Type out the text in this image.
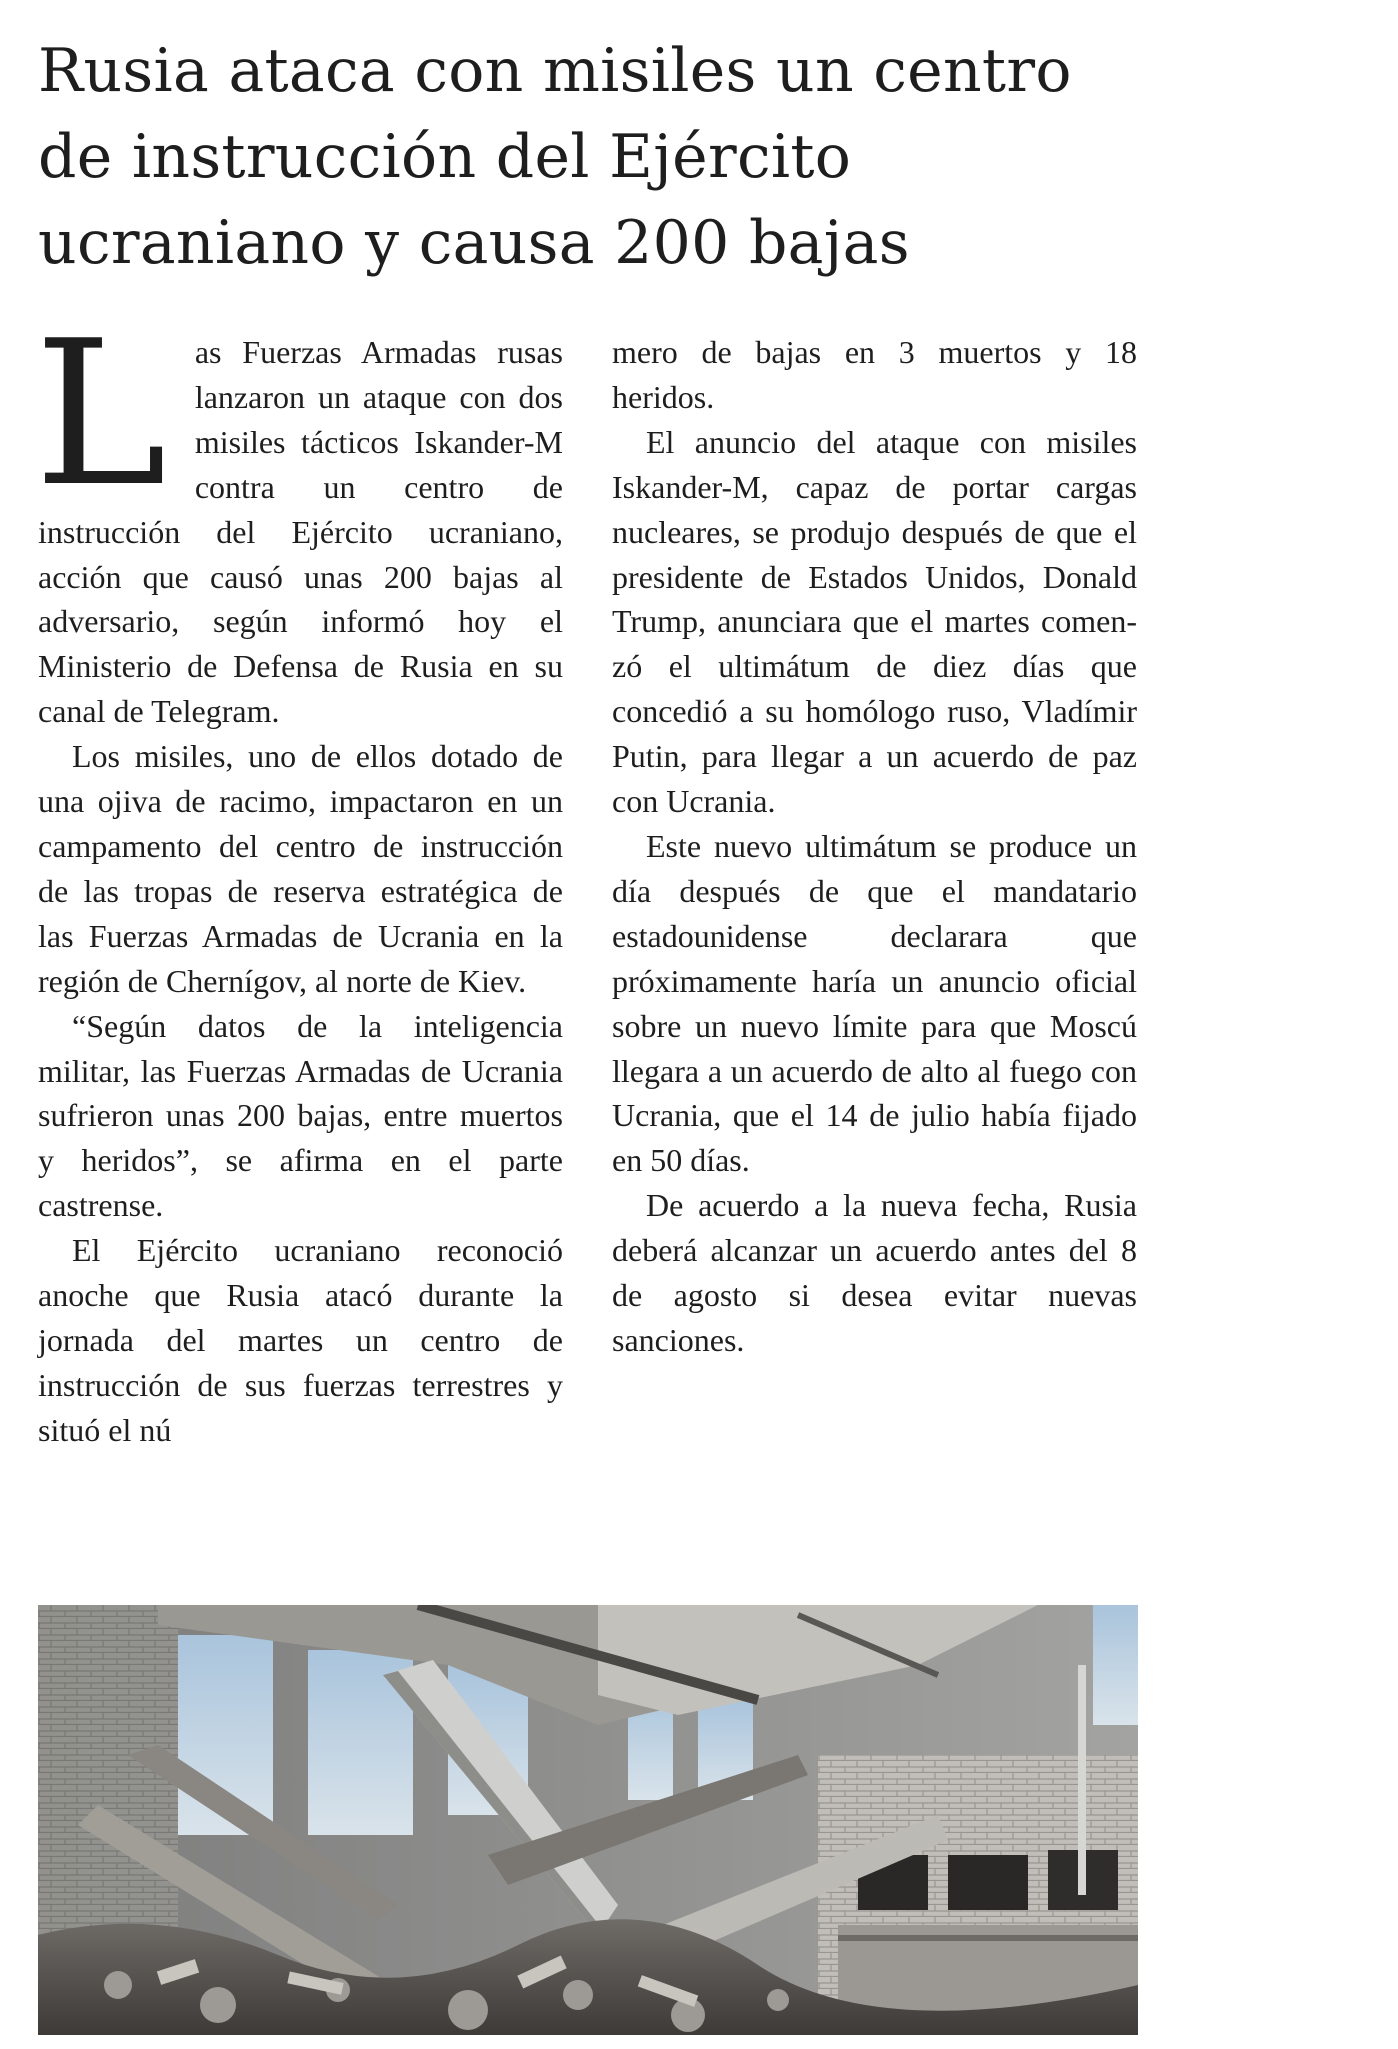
Rusia ataca con misiles un centro de instrucción del Ejército ucraniano y causa 200 bajas
L as Fuerzas Armadas rusas lanzaron un ataque con dos misiles tácticos Iskander-M contra un centro de instrucción del Ejército ucraniano, acción que causó unas 200 bajas al adversario, según informó hoy el Ministerio de Defensa de Rusia en su canal de Telegram.

Los misiles, uno de ellos dotado de una ojiva de racimo, impactaron en un campamento del centro de instrucción de las tropas de reserva estratégica de las Fuerzas Armadas de Ucrania en la región de Chernígov, al norte de Kiev.

“Según datos de la inteligencia militar, las Fuerzas Armadas de Ucrania sufrieron unas 200 bajas, entre muertos y heridos”, se afirma en el parte castrense.

El Ejército ucraniano reconoció anoche que Rusia atacó durante la jornada del martes un centro de instrucción de sus fuerzas terrestres y situó el nú

mero de bajas en 3 muertos y 18 heridos.

El anuncio del ataque con misiles Iskander-M, capaz de portar cargas nucleares, se produjo después de que el presidente de Estados Unidos, Donald Trump, anunciara que el martes comenzó el ultimátum de diez días que concedió a su homólogo ruso, Vladímir Putin, para llegar a un acuerdo de paz con Ucrania.

Este nuevo ultimátum se produce un día después de que el mandatario estadounidense declarara que próximamente haría un anuncio oficial sobre un nuevo límite para que Moscú llegara a un acuerdo de alto al fuego con Ucrania, que el 14 de julio había fijado en 50 días.

De acuerdo a la nueva fecha, Rusia deberá alcanzar un acuerdo antes del 8 de agosto si desea evitar nuevas sanciones.
